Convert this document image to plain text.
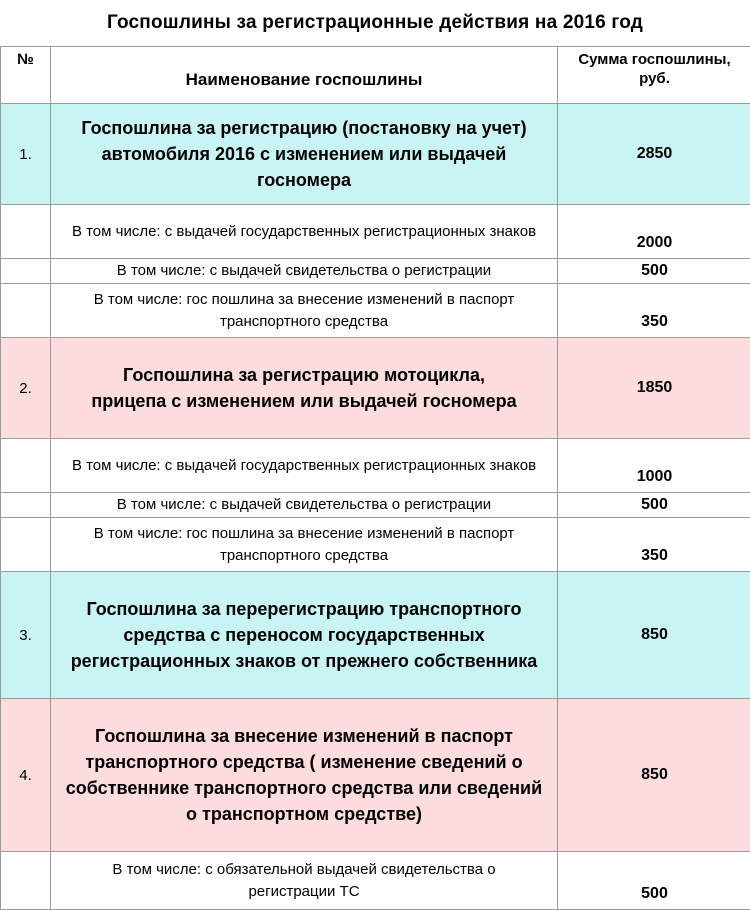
Госпошлины за регистрационные действия на 2016 год
№	Наименование госпошлины	Сумма госпошлины, руб.
1.	Госпошлина за регистрацию (постановку на учет) автомобиля 2016 с изменением или выдачей госномера	2850
	В том числе: с выдачей государственных регистрационных знаков	2000
	В том числе: с выдачей свидетельства о регистрации	500
	В том числе: гос пошлина за внесение изменений в паспорт транспортного средства	350
2.	Госпошлина за регистрацию мотоцикла, прицепа с изменением или выдачей госномера	1850
	В том числе: с выдачей государственных регистрационных знаков	1000
	В том числе: с выдачей свидетельства о регистрации	500
	В том числе: гос пошлина за внесение изменений в паспорт транспортного средства	350
3.	Госпошлина за перерегистрацию транспортного средства с переносом государственных регистрационных знаков от прежнего собственника	850
4.	Госпошлина за внесение изменений в паспорт транспортного средства ( изменение сведений о собственнике транспортного средства или сведений о транспортном средстве)	850
	В том числе: с обязательной выдачей свидетельства о регистрации ТС	500
